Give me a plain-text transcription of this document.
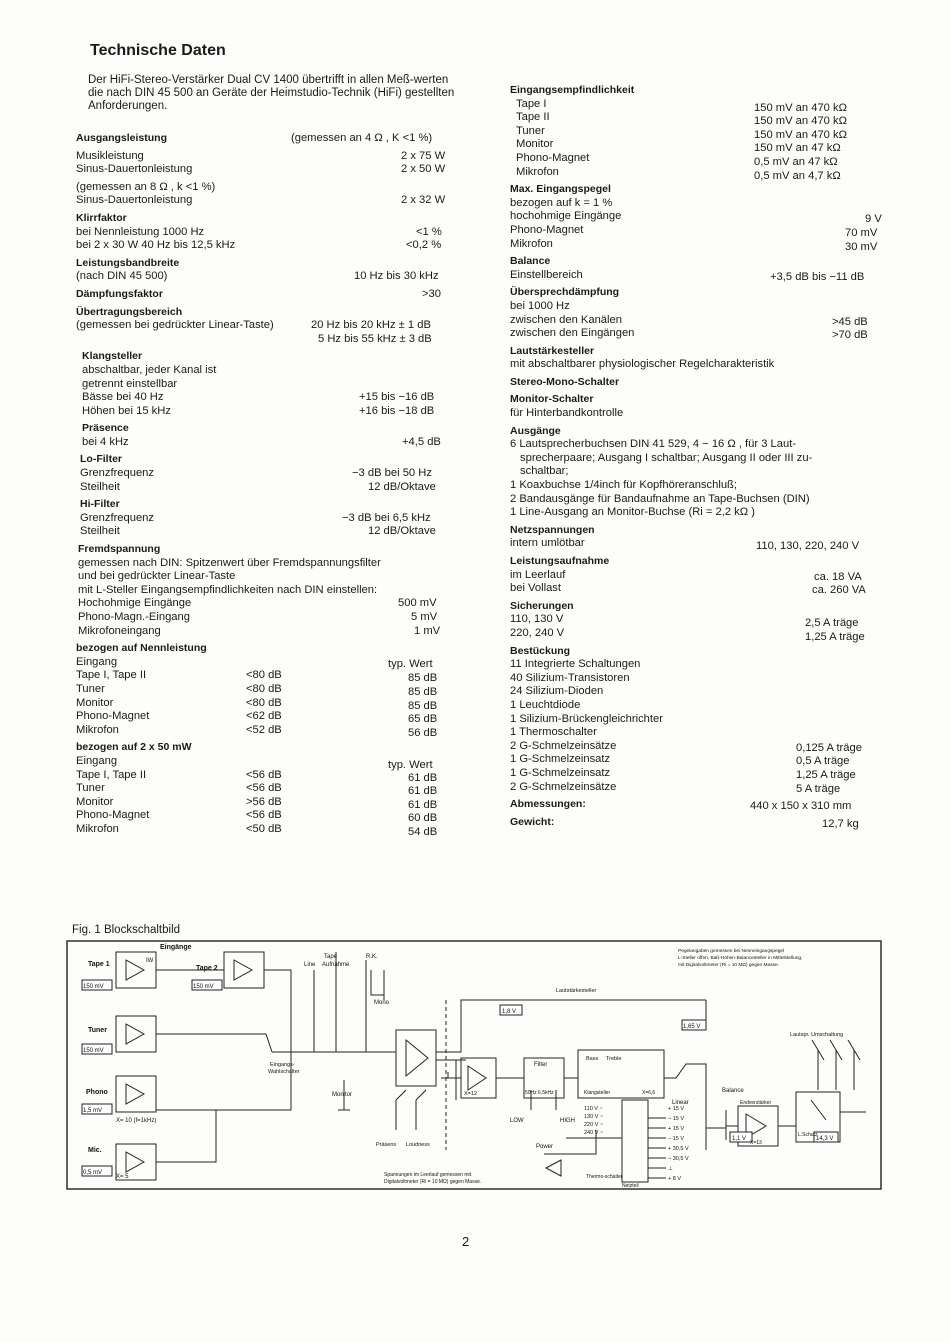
Technische Daten
Der HiFi-Stereo-Verstärker Dual CV 1400 übertrifft in allen Meß-werten die nach DIN 45 500 an Geräte der Heimstudio-Technik (HiFi) gestellten Anforderungen.
Ausgangsleistung	(gemessen an 4 Ω , K <1 %)
Musikleistung	2 x 75 W
Sinus-Dauertonleistung	2 x 50 W
(gemessen an 8 Ω , k <1 %)
Sinus-Dauertonleistung	2 x 32 W
Klirrfaktor
bei Nennleistung 1000 Hz	<1 %
bei 2 x 30 W 40 Hz bis 12,5 kHz	<0,2 %
Leistungsbandbreite
(nach DIN 45 500)	10 Hz bis 30 kHz
Dämpfungsfaktor	>30
Übertragungsbereich
(gemessen bei gedrückter Linear-Taste)	20 Hz bis 20 kHz ± 1 dB
5 Hz bis 55 kHz ± 3 dB
Klangsteller
abschaltbar, jeder Kanal ist
getrennt einstellbar
Bässe bei 40 Hz	+15 bis −16 dB
Höhen bei 15 kHz	+16 bis −18 dB
Präsence
bei 4 kHz	+4,5 dB
Lo-Filter
Grenzfrequenz	−3 dB bei 50 Hz
Steilheit	12 dB/Oktave
Hi-Filter
Grenzfrequenz	−3 dB bei 6,5 kHz
Steilheit	12 dB/Oktave
Fremdspannung
gemessen nach DIN: Spitzenwert über Fremdspannungsfilter
und bei gedrückter Linear-Taste
mit L-Steller Eingangsempfindlichkeiten nach DIN einstellen:
Hochohmige Eingänge	500 mV
Phono-Magn.-Eingang	5 mV
Mikrofoneingang	1 mV
bezogen auf Nennleistung
Eingang	typ. Wert
Tape I, Tape II	<80 dB	85 dB
Tuner	<80 dB	85 dB
Monitor	<80 dB	85 dB
Phono-Magnet	<62 dB	65 dB
Mikrofon	<52 dB	56 dB
bezogen auf 2 x 50 mW
Eingang	typ. Wert
Tape I, Tape II	<56 dB	61 dB
Tuner	<56 dB	61 dB
Monitor	>56 dB	61 dB
Phono-Magnet	<56 dB	60 dB
Mikrofon	<50 dB	54 dB
Eingangsempfindlichkeit
Tape I	150 mV an 470 kΩ
Tape II	150 mV an 470 kΩ
Tuner	150 mV an 470 kΩ
Monitor	150 mV an 47 kΩ
Phono-Magnet	0,5 mV an 47 kΩ
Mikrofon	0,5 mV an 4,7 kΩ
Max. Eingangspegel
bezogen auf k = 1 %
hochohmige Eingänge	9 V
Phono-Magnet	70 mV
Mikrofon	30 mV
Balance
Einstellbereich	+3,5 dB bis −11 dB
Übersprechdämpfung
bei 1000 Hz
zwischen den Kanälen	>45 dB
zwischen den Eingängen	>70 dB
Lautstärkesteller
mit abschaltbarer physiologischer Regelcharakteristik
Stereo-Mono-Schalter
Monitor-Schalter
für Hinterbandkontrolle
Ausgänge
6 Lautsprecherbuchsen DIN 41 529, 4 − 16 Ω , für 3 Laut-
sprecherpaare; Ausgang I schaltbar; Ausgang II oder III zu-
schaltbar;
1 Koaxbuchse 1/4inch für Kopfhöreranschluß;
2 Bandausgänge für Bandaufnahme an Tape-Buchsen (DIN)
1 Line-Ausgang an Monitor-Buchse (Ri = 2,2 kΩ )
Netzspannungen
intern umlötbar	110, 130, 220, 240 V
Leistungsaufnahme
im Leerlauf	ca. 18 VA
bei Vollast	ca. 260 VA
Sicherungen
110, 130 V	2,5 A träge
220, 240 V	1,25 A träge
Bestückung
11 Integrierte Schaltungen
40 Silizium-Transistoren
24 Silizium-Dioden
1 Leuchtdiode
1 Silizium-Brückengleichrichter
1 Thermoschalter
2 G-Schmelzeinsätze	0,125 A träge
1 G-Schmelzeinsatz	0,5 A träge
1 G-Schmelzeinsatz	1,25 A träge
2 G-Schmelzeinsätze	5 A träge
Abmessungen:	440 x 150 x 310 mm
Gewicht:	12,7 kg
Fig. 1 Blockschaltbild
Eingänge
Tape 1
Tape 2
Tuner
Phono
Mic.
150 mV	150 mV
150 mV
1,5 mV
0,5 mV
IW
X= 10 (f=1kHz)
X= 5
Tape
Line Aufnahme
R.K.
Mono
Lautstärkesteller
1,8 V
1,65 V
Eingangs-
Wahlschalter
Monitor	X=12
Filter
50Hz 6,5kHz
Bass Treble
Klangsteller	X=6,6
LOW	HIGH
Linear
Präsens Loudness
Balance
Endverstärker
X=13
L.Schutz
Lautspr. Umschaltung
1,1 V	14,3 V
110 V ~
130 V ~
220 V ~
240 V ~
+ 15 V
− 15 V
+ 15 V
− 15 V
+ 30,5 V
− 30,5 V
⊥
+ 8 V
Power
Thermo-schalter
Netzteil
Spannungen im Leerlauf gemessen mit
Digitalvoltmeter (Ri = 10 MΩ) gegen Masse.
Pegelangaben gemessen bei Nenneingangspegel
L-Steller offen, Baß-Höhen-Balancesteller in Mittelstellung,
mit Digitalvoltmeter (Ri = 10 MΩ) gegen Masse.
2
